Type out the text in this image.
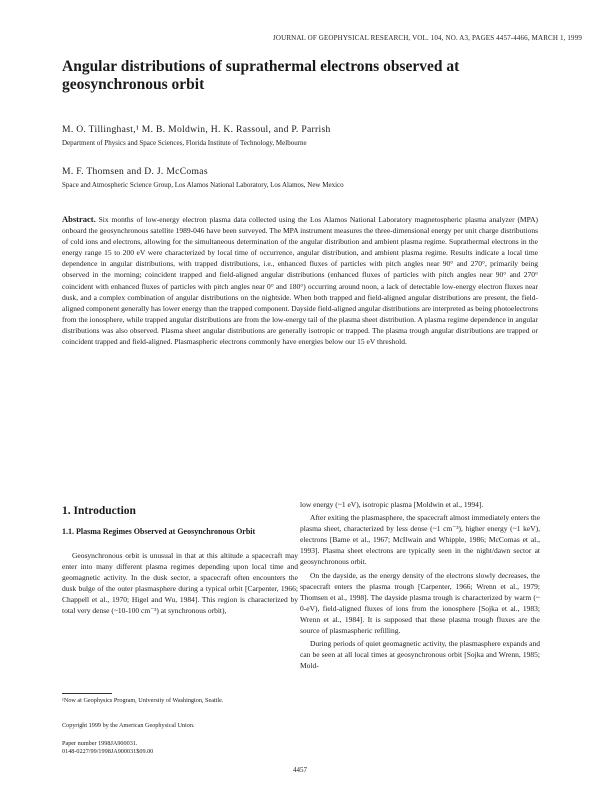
JOURNAL OF GEOPHYSICAL RESEARCH, VOL. 104, NO. A3, PAGES 4457-4466, MARCH 1, 1999
Angular distributions of suprathermal electrons observed at geosynchronous orbit
M. O. Tillinghast,¹ M. B. Moldwin, H. K. Rassoul, and P. Parrish
Department of Physics and Space Sciences, Florida Institute of Technology, Melbourne
M. F. Thomsen and D. J. McComas
Space and Atmospheric Science Group, Los Alamos National Laboratory, Los Alamos, New Mexico
Abstract. Six months of low-energy electron plasma data collected using the Los Alamos National Laboratory magnetospheric plasma analyzer (MPA) onboard the geosynchronous satellite 1989-046 have been surveyed. The MPA instrument measures the three-dimensional energy per unit charge distributions of cold ions and electrons, allowing for the simultaneous determination of the angular distribution and ambient plasma regime. Suprathermal electrons in the energy range 15 to 200 eV were characterized by local time of occurrence, angular distribution, and ambient plasma regime. Results indicate a local time dependence in angular distributions, with trapped distributions, i.e., enhanced fluxes of particles with pitch angles near 90° and 270°, primarily being observed in the morning; coincident trapped and field-aligned angular distributions (enhanced fluxes of particles with pitch angles near 90° and 270° coincident with enhanced fluxes of particles with pitch angles near 0° and 180°) occurring around noon, a lack of detectable low-energy electron fluxes near dusk, and a complex combination of angular distributions on the nightside. When both trapped and field-aligned angular distributions are present, the field-aligned component generally has lower energy than the trapped component. Dayside field-aligned angular distributions are interpreted as being photoelectrons from the ionosphere, while trapped angular distributions are from the low-energy tail of the plasma sheet distribution. A plasma regime dependence in angular distributions was also observed. Plasma sheet angular distributions are generally isotropic or trapped. The plasma trough angular distributions are trapped or coincident trapped and field-aligned. Plasmaspheric electrons commonly have energies below our 15 eV threshold.
1. Introduction
1.1. Plasma Regimes Observed at Geosynchronous Orbit
Geosynchronous orbit is unusual in that at this altitude a spacecraft may enter into many different plasma regimes depending upon local time and geomagnetic activity. In the dusk sector, a spacecraft often encounters the dusk bulge of the outer plasmasphere during a typical orbit [Carpenter, 1966; Chappell et al., 1970; Higel and Wu, 1984]. This region is characterized by total very dense (~10-100 cm⁻³) at synchronous orbit),
¹Now at Geophysics Program, University of Washington, Seattle.
Copyright 1999 by the American Geophysical Union.
Paper number 1998JA900031.
0148-0227/99/1998JA900031$09.00

low energy (~1 eV), isotropic plasma [Moldwin et al., 1994].

After exiting the plasmasphere, the spacecraft almost immediately enters the plasma sheet, characterized by less dense (~1 cm⁻³), higher energy (~1 keV), electrons [Bame et al., 1967; McIlwain and Whipple, 1986; McComas et al., 1993]. Plasma sheet electrons are typically seen in the night/dawn sector at geosynchronous orbit.

On the dayside, as the energy density of the electrons slowly decreases, the spacecraft enters the plasma trough [Carpenter, 1966; Wrenn et al., 1979; Thomsen et al., 1998]. The dayside plasma trough is characterized by warm (~ 0-eV), field-aligned fluxes of ions from the ionosphere [Sojka et al., 1983; Wrenn et al., 1984]. It is supposed that these plasma trough fluxes are the source of plasmaspheric refilling.

During periods of quiet geomagnetic activity, the plasmasphere expands and can be seen at all local times at geosynchronous orbit [Sojka and Wrenn, 1985; Mold-

4457
